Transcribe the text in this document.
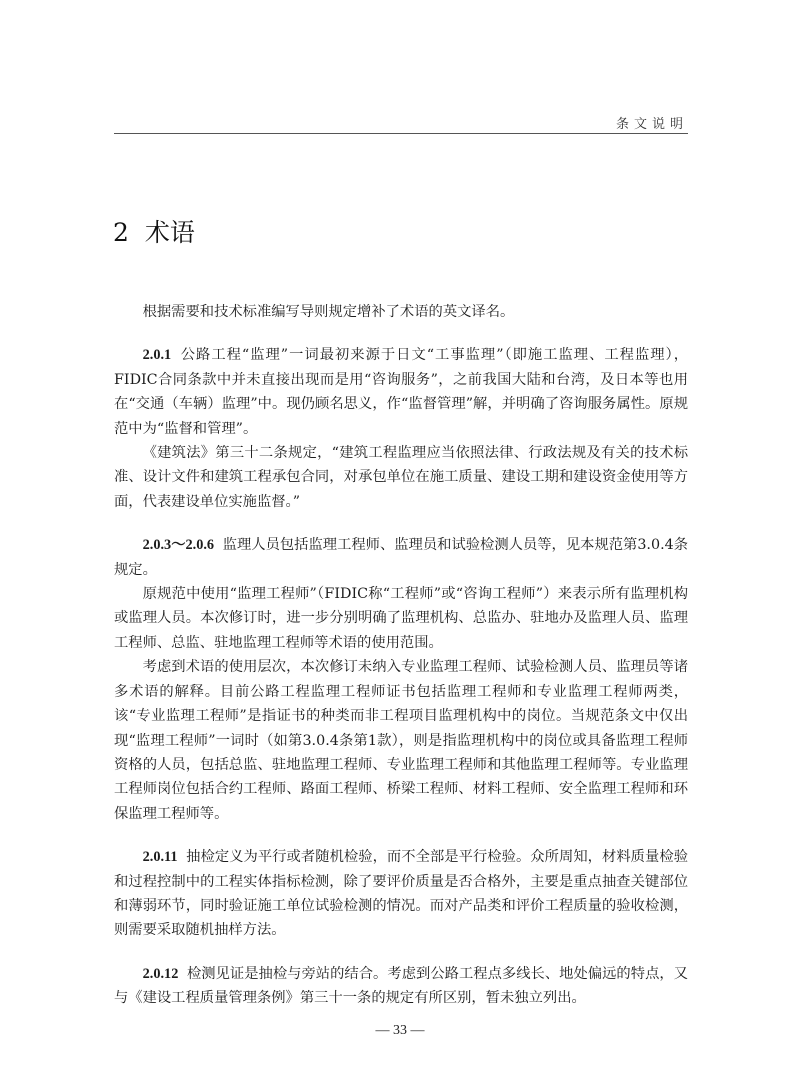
条文说明
2 术语

根据需要和技术标准编写导则规定增补了术语的英文译名。

2.0.1 公路工程“监理”一词最初来源于日文“工事监理”（即施工监理、工程监理），FIDIC合同条款中并未直接出现而是用“咨询服务”，之前我国大陆和台湾，及日本等也用在“交通（车辆）监理”中。现仍顾名思义，作“监督管理”解，并明确了咨询服务属性。原规范中为“监督和管理”。

《建筑法》第三十二条规定，“建筑工程监理应当依照法律、行政法规及有关的技术标准、设计文件和建筑工程承包合同，对承包单位在施工质量、建设工期和建设资金使用等方面，代表建设单位实施监督。”

2.0.3～2.0.6 监理人员包括监理工程师、监理员和试验检测人员等，见本规范第3.0.4条规定。

原规范中使用“监理工程师”（FIDIC称“工程师”或“咨询工程师”）来表示所有监理机构或监理人员。本次修订时，进一步分别明确了监理机构、总监办、驻地办及监理人员、监理工程师、总监、驻地监理工程师等术语的使用范围。

考虑到术语的使用层次，本次修订未纳入专业监理工程师、试验检测人员、监理员等诸多术语的解释。目前公路工程监理工程师证书包括监理工程师和专业监理工程师两类，该“专业监理工程师”是指证书的种类而非工程项目监理机构中的岗位。当规范条文中仅出现“监理工程师”一词时（如第3.0.4条第1款），则是指监理机构中的岗位或具备监理工程师资格的人员，包括总监、驻地监理工程师、专业监理工程师和其他监理工程师等。专业监理工程师岗位包括合约工程师、路面工程师、桥梁工程师、材料工程师、安全监理工程师和环保监理工程师等。

2.0.11 抽检定义为平行或者随机检验，而不全部是平行检验。众所周知，材料质量检验和过程控制中的工程实体指标检测，除了要评价质量是否合格外，主要是重点抽查关键部位和薄弱环节，同时验证施工单位试验检测的情况。而对产品类和评价工程质量的验收检测，则需要采取随机抽样方法。

2.0.12 检测见证是抽检与旁站的结合。考虑到公路工程点多线长、地处偏远的特点，又与《建设工程质量管理条例》第三十一条的规定有所区别，暂未独立列出。

— 33 —
